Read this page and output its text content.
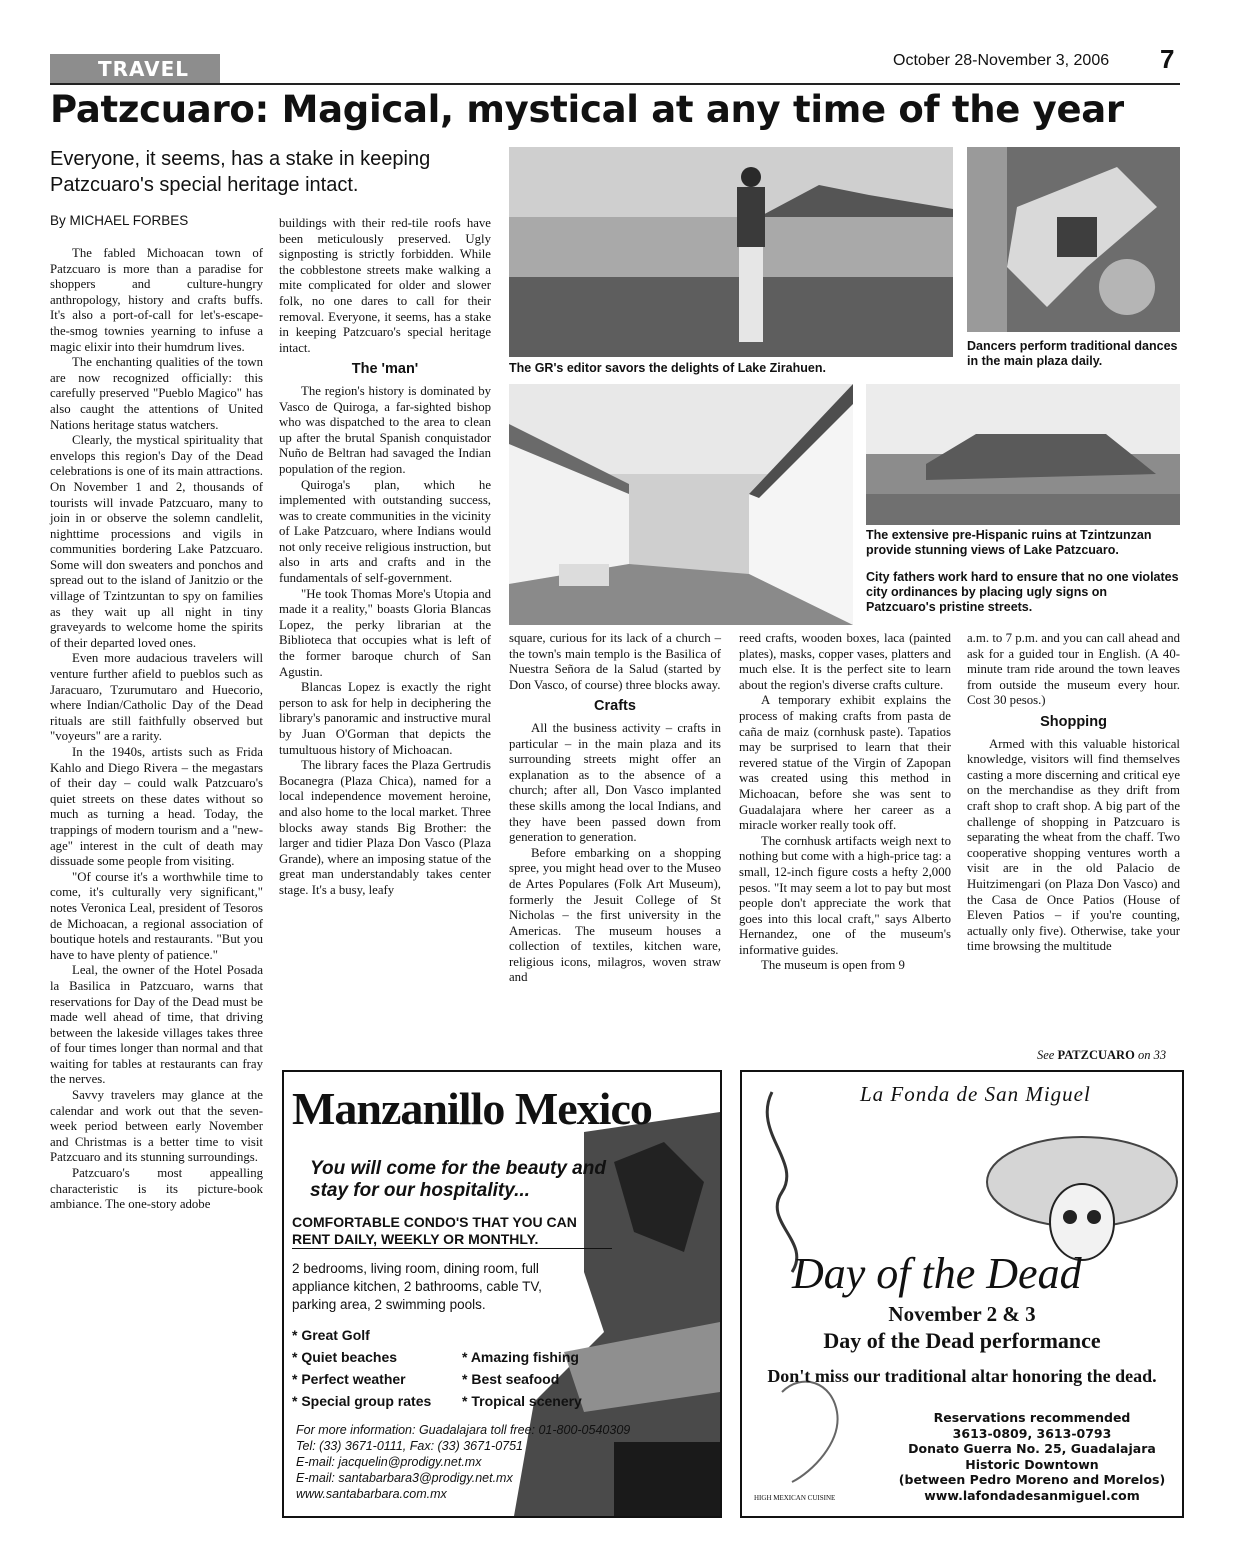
TRAVEL	October 28-November 3, 2006 7
Patzcuaro: Magical, mystical at any time of the year
Everyone, it seems, has a stake in keeping Patzcuaro's special heritage intact.
By MICHAEL FORBES

The fabled Michoacan town of Patzcuaro is more than a paradise for shoppers and culture-hungry anthropology, history and crafts buffs. It's also a port-of-call for let's-escape-the-smog townies yearning to infuse a magic elixir into their humdrum lives.

The enchanting qualities of the town are now recognized officially: this carefully preserved "Pueblo Magico" has also caught the attentions of United Nations heritage status watchers.

Clearly, the mystical spirituality that envelops this region's Day of the Dead celebrations is one of its main attractions. On November 1 and 2, thousands of tourists will invade Patzcuaro, many to join in or observe the solemn candlelit, nighttime processions and vigils in communities bordering Lake Patzcuaro. Some will don sweaters and ponchos and spread out to the island of Janitzio or the village of Tzintzuntan to spy on families as they wait up all night in tiny graveyards to welcome home the spirits of their departed loved ones.

Even more audacious travelers will venture further afield to pueblos such as Jaracuaro, Tzurumutaro and Huecorio, where Indian/Catholic Day of the Dead rituals are still faithfully observed but "voyeurs" are a rarity.

In the 1940s, artists such as Frida Kahlo and Diego Rivera – the megastars of their day – could walk Patzcuaro's quiet streets on these dates without so much as turning a head. Today, the trappings of modern tourism and a "new-age" interest in the cult of death may dissuade some people from visiting.

"Of course it's a worthwhile time to come, it's culturally very significant," notes Veronica Leal, president of Tesoros de Michoacan, a regional association of boutique hotels and restaurants. "But you have to have plenty of patience."

Leal, the owner of the Hotel Posada la Basilica in Patzcuaro, warns that reservations for Day of the Dead must be made well ahead of time, that driving between the lakeside villages takes three of four times longer than normal and that waiting for tables at restaurants can fray the nerves.

Savvy travelers may glance at the calendar and work out that the seven-week period between early November and Christmas is a better time to visit Patzcuaro and its stunning surroundings.

Patzcuaro's most appealling characteristic is its picture-book ambiance. The one-story adobe

buildings with their red-tile roofs have been meticulously preserved. Ugly signposting is strictly forbidden. While the cobblestone streets make walking a mite complicated for older and slower folk, no one dares to call for their removal. Everyone, it seems, has a stake in keeping Patzcuaro's special heritage intact.

The 'man'

The region's history is dominated by Vasco de Quiroga, a far-sighted bishop who was dispatched to the area to clean up after the brutal Spanish conquistador Nuño de Beltran had savaged the Indian population of the region.

Quiroga's plan, which he implemented with outstanding success, was to create communities in the vicinity of Lake Patzcuaro, where Indians would not only receive religious instruction, but also in arts and crafts and in the fundamentals of self-government.

"He took Thomas More's Utopia and made it a reality," boasts Gloria Blancas Lopez, the perky librarian at the Biblioteca that occupies what is left of the former baroque church of San Agustin.

Blancas Lopez is exactly the right person to ask for help in deciphering the library's panoramic and instructive mural by Juan O'Gorman that depicts the tumultuous history of Michoacan.

The library faces the Plaza Gertrudis Bocanegra (Plaza Chica), named for a local independence movement heroine, and also home to the local market. Three blocks away stands Big Brother: the larger and tidier Plaza Don Vasco (Plaza Grande), where an imposing statue of the great man understandably takes center stage. It's a busy, leafy

The GR's editor savors the delights of Lake Zirahuen.
Dancers perform traditional dances in the main plaza daily.
The extensive pre-Hispanic ruins at Tzintzunzan provide stunning views of Lake Patzcuaro.
City fathers work hard to ensure that no one violates city ordinances by placing ugly signs on Patzcuaro's pristine streets.

square, curious for its lack of a church – the town's main templo is the Basilica of Nuestra Señora de la Salud (started by Don Vasco, of course) three blocks away.

Crafts

All the business activity – crafts in particular – in the main plaza and its surrounding streets might offer an explanation as to the absence of a church; after all, Don Vasco implanted these skills among the local Indians, and they have been passed down from generation to generation.

Before embarking on a shopping spree, you might head over to the Museo de Artes Populares (Folk Art Museum), formerly the Jesuit College of St Nicholas – the first university in the Americas. The museum houses a collection of textiles, kitchen ware, religious icons, milagros, woven straw and

reed crafts, wooden boxes, laca (painted plates), masks, copper vases, platters and much else. It is the perfect site to learn about the region's diverse crafts culture.

A temporary exhibit explains the process of making crafts from pasta de caña de maiz (cornhusk paste). Tapatios may be surprised to learn that their revered statue of the Virgin of Zapopan was created using this method in Michoacan, before she was sent to Guadalajara where her career as a miracle worker really took off.

The cornhusk artifacts weigh next to nothing but come with a high-price tag: a small, 12-inch figure costs a hefty 2,000 pesos. "It may seem a lot to pay but most people don't appreciate the work that goes into this local craft," says Alberto Hernandez, one of the museum's informative guides.

The museum is open from 9

a.m. to 7 p.m. and you can call ahead and ask for a guided tour in English. (A 40-minute tram ride around the town leaves from outside the museum every hour. Cost 30 pesos.)

Shopping

Armed with this valuable historical knowledge, visitors will find themselves casting a more discerning and critical eye on the merchandise as they drift from craft shop to craft shop. A big part of the challenge of shopping in Patzcuaro is separating the wheat from the chaff. Two cooperative shopping ventures worth a visit are in the old Palacio de Huitzimengari (on Plaza Don Vasco) and the Casa de Once Patios (House of Eleven Patios – if you're counting, actually only five). Otherwise, take your time browsing the multitude

See PATZCUARO on 33
Manzanillo Mexico
You will come for the beauty and stay for our hospitality...
COMFORTABLE CONDO'S THAT YOU CAN RENT DAILY, WEEKLY OR MONTHLY.
2 bedrooms, living room, dining room, full appliance kitchen, 2 bathrooms, cable TV, parking area, 2 swimming pools.
* Great Golf
* Quiet beaches
* Perfect weather
* Special group rates
* Amazing fishing
* Best seafood
* Tropical scenery
For more information: Guadalajara toll free: 01-800-0540309
Tel: (33) 3671-0111, Fax: (33) 3671-0751
E-mail: jacquelin@prodigy.net.mx
E-mail: santabarbara3@prodigy.net.mx
www.santabarbara.com.mx
La Fonda de San Miguel
Day of the Dead
November 2 & 3
Day of the Dead performance
Don't miss our traditional altar honoring the dead.
Reservations recommended
3613-0809, 3613-0793
Donato Guerra No. 25, Guadalajara
Historic Downtown
(between Pedro Moreno and Morelos)
www.lafondadesanmiguel.com
HIGH MEXICAN CUISINE
